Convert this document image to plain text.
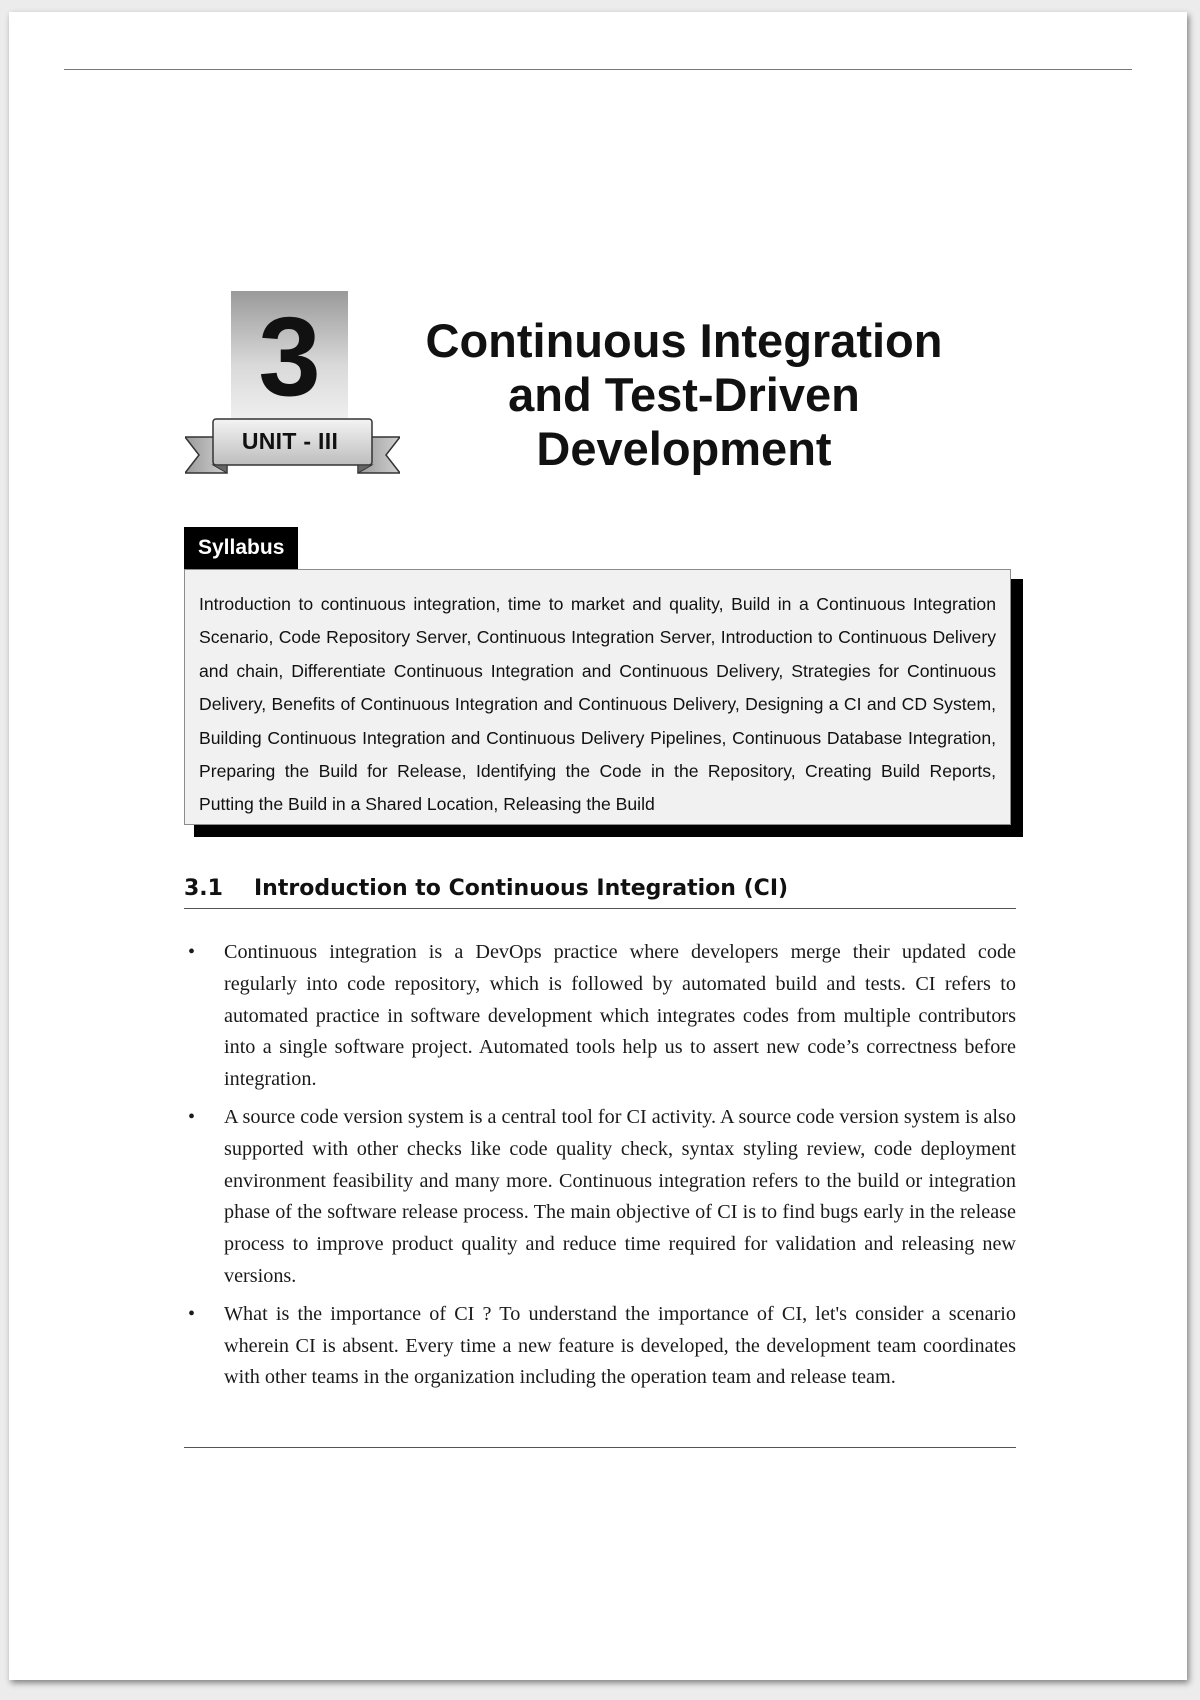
3
UNIT - III
Continuous Integration
and Test-Driven
Development
Syllabus
Introduction to continuous integration, time to market and quality, Build in a Continuous Integration Scenario, Code Repository Server, Continuous Integration Server, Introduction to Continuous Delivery and chain, Differentiate Continuous Integration and Continuous Delivery, Strategies for Continuous Delivery, Benefits of Continuous Integration and Continuous Delivery, Designing a CI and CD System, Building Continuous Integration and Continuous Delivery Pipelines, Continuous Database Integration, Preparing the Build for Release, Identifying the Code in the Repository, Creating Build Reports, Putting the Build in a Shared Location, Releasing the Build
3.1 Introduction to Continuous Integration (CI)
• Continuous integration is a DevOps practice where developers merge their updated code regularly into code repository, which is followed by automated build and tests. CI refers to automated practice in software development which integrates codes from multiple contributors into a single software project. Automated tools help us to assert new code’s correctness before integration.
• A source code version system is a central tool for CI activity. A source code version system is also supported with other checks like code quality check, syntax styling review, code deployment environment feasibility and many more. Continuous integration refers to the build or integration phase of the software release process. The main objective of CI is to find bugs early in the release process to improve product quality and reduce time required for validation and releasing new versions.
• What is the importance of CI ? To understand the importance of CI, let's consider a scenario wherein CI is absent. Every time a new feature is developed, the development team coordinates with other teams in the organization including the operation team and release team.
